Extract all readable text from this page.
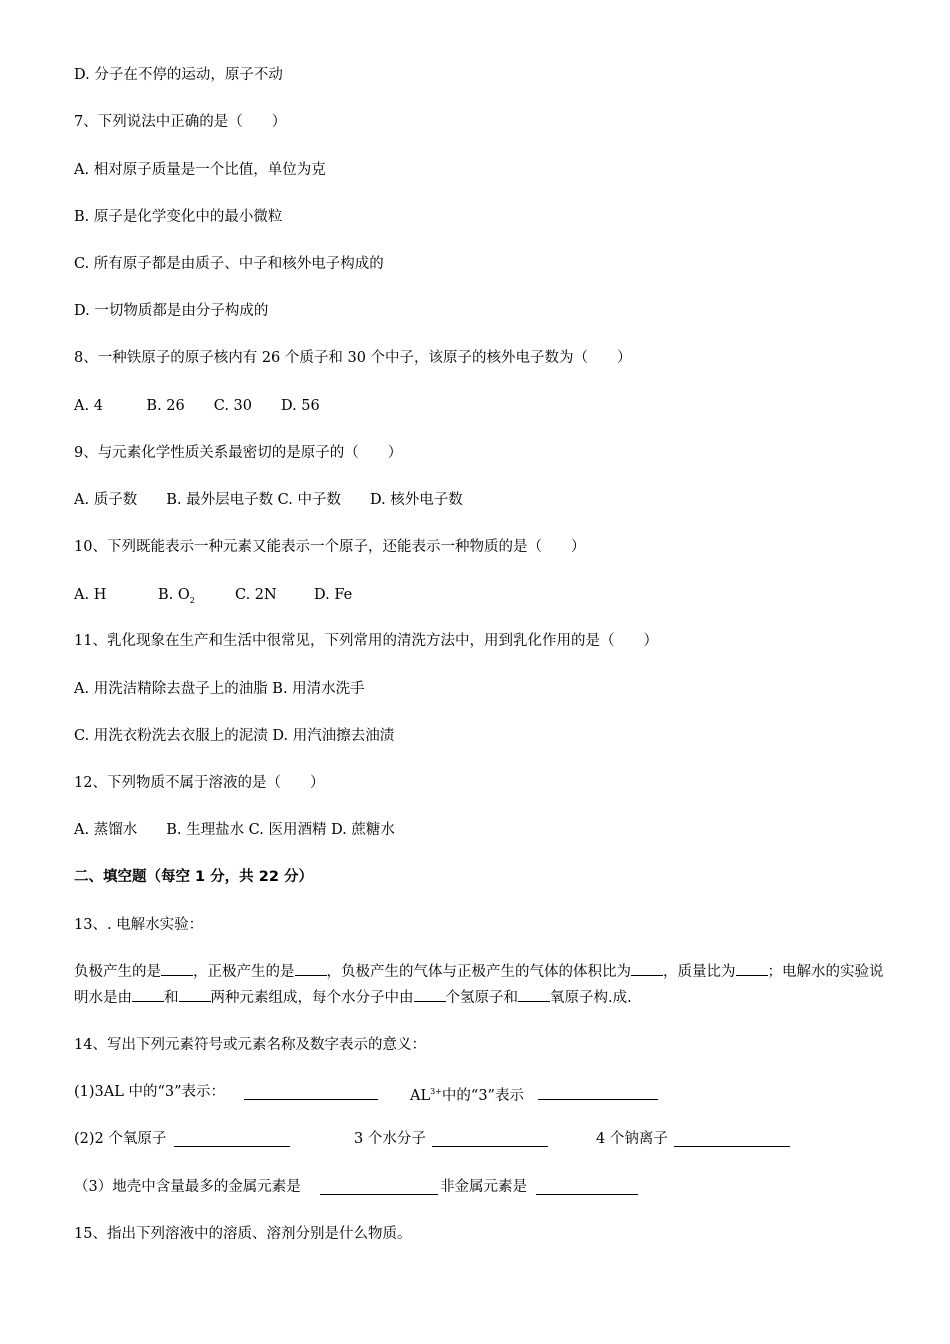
D. 分子在不停的运动，原子不动
7、下列说法中正确的是（　　）
A. 相对原子质量是一个比值，单位为克
B. 原子是化学变化中的最小微粒
C. 所有原子都是由质子、中子和核外电子构成的
D. 一切物质都是由分子构成的
8、一种铁原子的原子核内有 26 个质子和 30 个中子，该原子的核外电子数为（　　）
A. 4　　　B. 26　　C. 30　　D. 56
9、与元素化学性质关系最密切的是原子的（　　）
A. 质子数　　B. 最外层电子数 C. 中子数　　D. 核外电子数
10、下列既能表示一种元素又能表示一个原子，还能表示一种物质的是（　　）
A. H	B. $O_2$	C. 2N	D. Fe
11、乳化现象在生产和生活中很常见，下列常用的清洗方法中，用到乳化作用的是（　　）
A. 用洗洁精除去盘子上的油脂 B. 用清水洗手
C. 用洗衣粉洗去衣服上的泥渍 D. 用汽油擦去油渍
12、下列物质不属于溶液的是（　　）
A. 蒸馏水　　B. 生理盐水 C. 医用酒精 D. 蔗糖水
二、填空题（每空 1 分，共 22 分）
13、. 电解水实验：
负极产生的是 ，正极产生的是 ，负极产生的气体与正极产生的气体的体积比为 ，质量比为 ；电解水的实验说明水是由 和 两种元素组成，每个水分子中由 个氢原子和 氧原子构.成.
14、写出下列元素符号或元素名称及数字表示的意义：
(1)3AL 中的“3”表示：	$AL^{3+}$中的“3”表示
(2)2 个氧原子	3 个水分子	4 个钠离子
（3）地壳中含量最多的金属元素是	非金属元素是
15、指出下列溶液中的溶质、溶剂分别是什么物质。
